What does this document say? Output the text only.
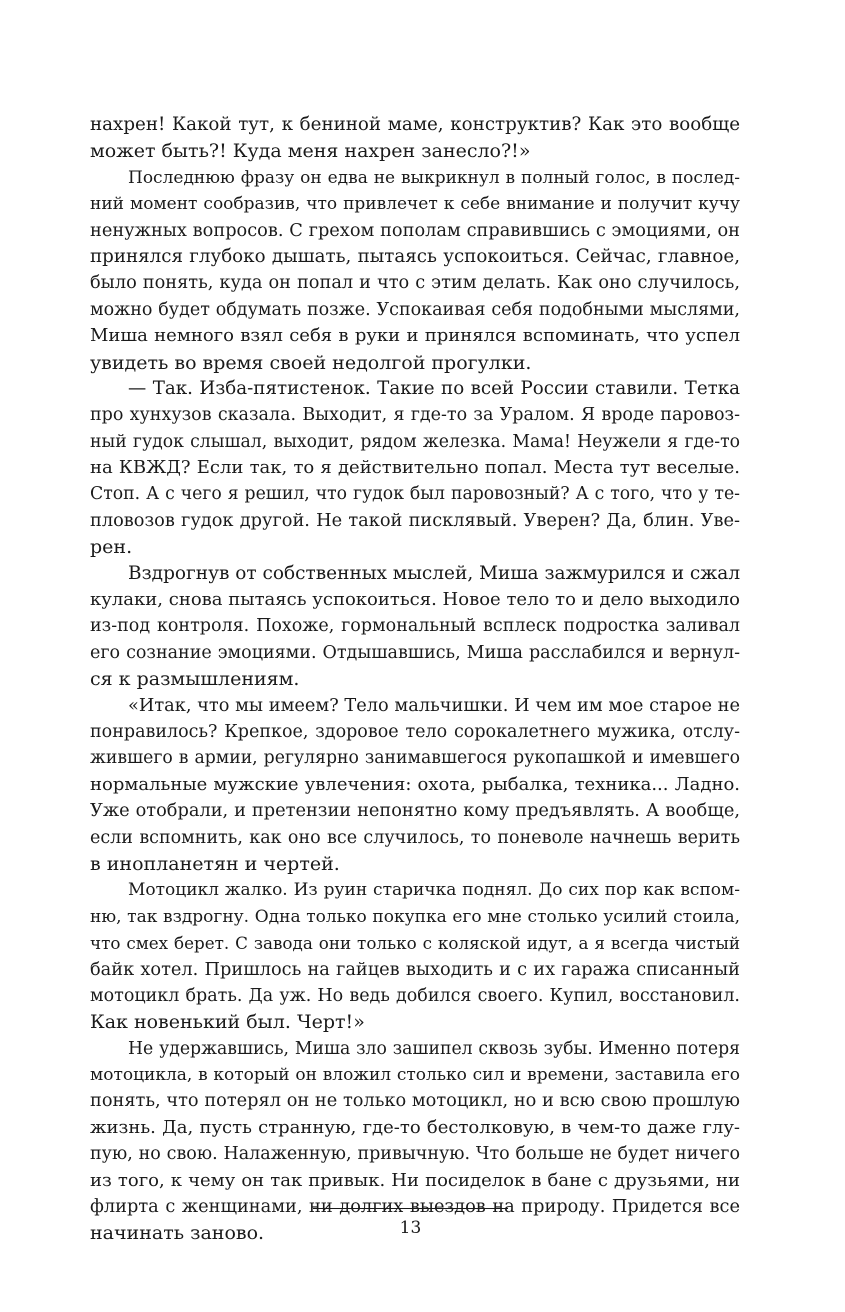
нахрен! Какой тут, к бениной маме, конструктив? Как это вообще
может быть?! Куда меня нахрен занесло?!»
Последнюю фразу он едва не выкрикнул в полный голос, в послед-
ний момент сообразив, что привлечет к себе внимание и получит кучу
ненужных вопросов. С грехом пополам справившись с эмоциями, он
принялся глубоко дышать, пытаясь успокоиться. Сейчас, главное,
было понять, куда он попал и что с этим делать. Как оно случилось,
можно будет обдумать позже. Успокаивая себя подобными мыслями,
Миша немного взял себя в руки и принялся вспоминать, что успел
увидеть во время своей недолгой прогулки.
— Так. Изба-пятистенок. Такие по всей России ставили. Тетка
про хунхузов сказала. Выходит, я где-то за Уралом. Я вроде паровоз-
ный гудок слышал, выходит, рядом железка. Мама! Неужели я где-то
на КВЖД? Если так, то я действительно попал. Места тут веселые.
Стоп. А с чего я решил, что гудок был паровозный? А с того, что у те-
пловозов гудок другой. Не такой писклявый. Уверен? Да, блин. Уве-
рен.
Вздрогнув от собственных мыслей, Миша зажмурился и сжал
кулаки, снова пытаясь успокоиться. Новое тело то и дело выходило
из-под контроля. Похоже, гормональный всплеск подростка заливал
его сознание эмоциями. Отдышавшись, Миша расслабился и вернул-
ся к размышлениям.
«Итак, что мы имеем? Тело мальчишки. И чем им мое старое не
понравилось? Крепкое, здоровое тело сорокалетнего мужика, отслу-
жившего в армии, регулярно занимавшегося рукопашкой и имевшего
нормальные мужские увлечения: охота, рыбалка, техника... Ладно.
Уже отобрали, и претензии непонятно кому предъявлять. А вообще,
если вспомнить, как оно все случилось, то поневоле начнешь верить
в инопланетян и чертей.
Мотоцикл жалко. Из руин старичка поднял. До сих пор как вспом-
ню, так вздрогну. Одна только покупка его мне столько усилий стоила,
что смех берет. С завода они только с коляской идут, а я всегда чистый
байк хотел. Пришлось на гайцев выходить и с их гаража списанный
мотоцикл брать. Да уж. Но ведь добился своего. Купил, восстановил.
Как новенький был. Черт!»
Не удержавшись, Миша зло зашипел сквозь зубы. Именно потеря
мотоцикла, в который он вложил столько сил и времени, заставила его
понять, что потерял он не только мотоцикл, но и всю свою прошлую
жизнь. Да, пусть странную, где-то бестолковую, в чем-то даже глу-
пую, но свою. Налаженную, привычную. Что больше не будет ничего
из того, к чему он так привык. Ни посиделок в бане с друзьями, ни
флирта с женщинами, ни долгих выездов на природу. Придется все
начинать заново.	13
